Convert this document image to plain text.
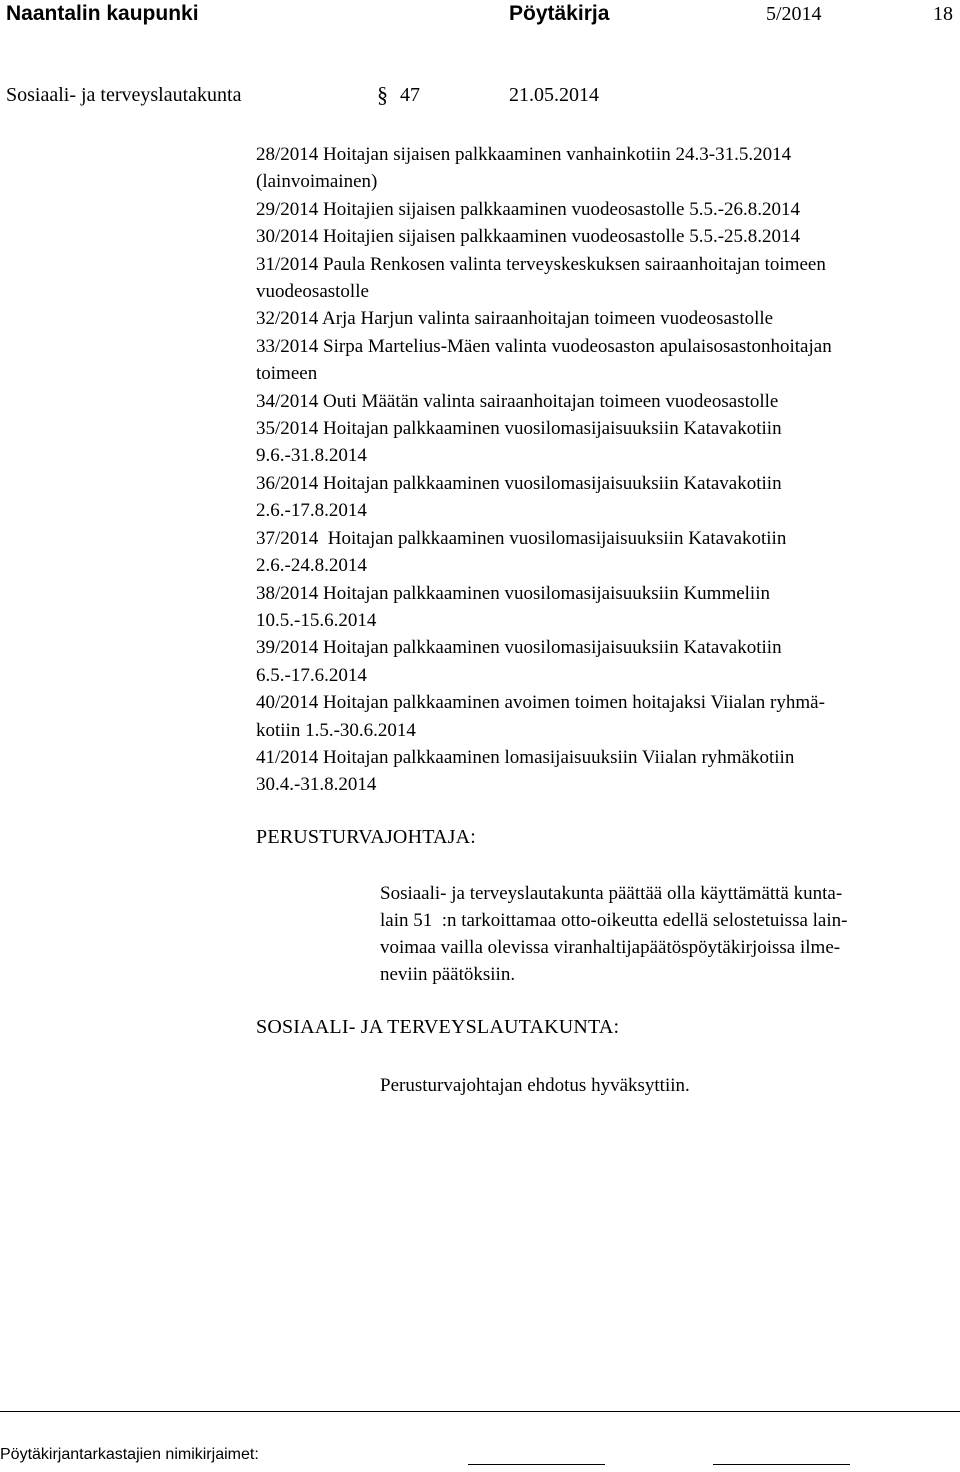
Naantalin kaupunki	Pöytäkirja	5/2014	18
Sosiaali- ja terveyslautakunta	§ 47	21.05.2014
28/2014 Hoitajan sijaisen palkkaaminen vanhainkotiin 24.3-31.5.2014
(lainvoimainen)
29/2014 Hoitajien sijaisen palkkaaminen vuodeosastolle 5.5.-26.8.2014
30/2014 Hoitajien sijaisen palkkaaminen vuodeosastolle 5.5.-25.8.2014
31/2014 Paula Renkosen valinta terveyskeskuksen sairaanhoitajan toimeen
vuodeosastolle
32/2014 Arja Harjun valinta sairaanhoitajan toimeen vuodeosastolle
33/2014 Sirpa Martelius-Mäen valinta vuodeosaston apulaisosastonhoitajan
toimeen
34/2014 Outi Määtän valinta sairaanhoitajan toimeen vuodeosastolle
35/2014 Hoitajan palkkaaminen vuosilomasijaisuuksiin Katavakotiin
9.6.-31.8.2014
36/2014 Hoitajan palkkaaminen vuosilomasijaisuuksiin Katavakotiin
2.6.-17.8.2014
37/2014  Hoitajan palkkaaminen vuosilomasijaisuuksiin Katavakotiin
2.6.-24.8.2014
38/2014 Hoitajan palkkaaminen vuosilomasijaisuuksiin Kummeliin
10.5.-15.6.2014
39/2014 Hoitajan palkkaaminen vuosilomasijaisuuksiin Katavakotiin
6.5.-17.6.2014
40/2014 Hoitajan palkkaaminen avoimen toimen hoitajaksi Viialan ryhmä-
kotiin 1.5.-30.6.2014
41/2014 Hoitajan palkkaaminen lomasijaisuuksiin Viialan ryhmäkotiin
30.4.-31.8.2014
PERUSTURVAJOHTAJA:
Sosiaali- ja terveyslautakunta päättää olla käyttämättä kunta-
lain 51  :n tarkoittamaa otto-oikeutta edellä selostetuissa lain-
voimaa vailla olevissa viranhaltijapäätöspöytäkirjoissa ilme-
neviin päätöksiin.
SOSIAALI- JA TERVEYSLAUTAKUNTA:
Perusturvajohtajan ehdotus hyväksyttiin.
Pöytäkirjantarkastajien nimikirjaimet:
